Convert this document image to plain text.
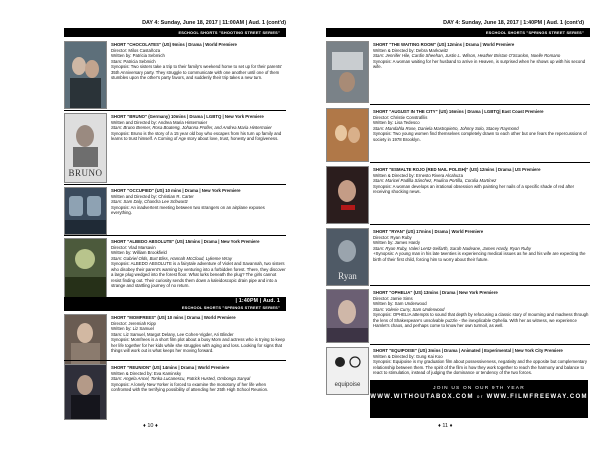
DAY 4: Sunday, June 18, 2017 | 11:00AM | Aud. 1 (cont'd)
ESCHOOL SHORTS "SHOOTING STREET SERIES"
SHORT "CHOCOLATES" (US) 9mins | Drama | World Premiere
Director: Milos Castañoza
Written by: Patricia Sebmich
Stars: Patricia Sebmich
Synopsis: Two sisters take a trip to their family's weekend home to set up for their parents' 35th Anniversary party. They struggle to communicate with one another until one of them stumbles upon the other's party favors, and suddenly their trip takes a new turn.
BRUNO
SHORT "BRUNO" (Germany) 10mins | Drama | LGBTQ | New York Premiere
Written and Directed by: Andrea Maria Hintermaier
Stars: Bruno Bremer, Rosa Boateng, Johanna Profler, and Andrea Maria Hintermaier
Synopsis: Bruno is the story of a 15 year old boy who escapes from his turn up family and learns to trust himself. A Coming of Age story about love, trust, honesty and forgiveness.
SHORT "OCCUPIED" (US) 10 mins | Drama | New York Premiere
Written and Directed by: Christian R. Carter
Stars: Sam Daly, Chandra Lee Schwartz
Synopsis: An inadvertent meeting between two strangers on an airplane exposes everything.
SHORT "ALBEDO ABSOLUTE" (US) 15mins | Drama | New York Premiere
Director: Vlad Marsavin
Written by: William Brookfield
Stars: Gabriel Olds, Burt Bliss, Hannah McCloud, Lykeme Wray
Synopsis: ALBEDO ABSOLUTE is a fairytale adventure of Violet and Savannah, two sisters who disobey their parent's warning by venturing into a forbidden forest. There, they discover a large plug wedged into the forest floor. What lurks beneath the plug? The girls cannot resist finding out. Their curiosity sends them down a kaleidoscopic drain pipe and into a strange and startling journey of no return.
| 1:40PM | Aud. 1
ESCHOOL SHORTS "SPRINGS STREET SERIES"
SHORT "MOMFREES" (US) 10 mins | Drama | World Premiere
Director: Jeremiah Kipp
Written by: Liz Samuel
Stars: Liz Samuel, Margot Delany, Lee Cohen-Vigder, Ari Blinder
Synopsis: Momfrees is a short film plot about a busy Mom and actress who is trying to keep her life together for her kids while she struggles with aging and loss. Looking for signs that things will work out is what keeps her moving forward.
SHORT "REUNION" (US) 14mins | Drama | World Premiere
Written & Directed by: Eva Kaminsky
Stars: Angela Ancel, Tonka Lucanescu, Patrick Husted, Ombonga Sanyal
Synopsis: A lonely New Yorker is forced to examine the monotony of her life when confronted with the terrifying possibility of attending her 25th High School Reunion.
♦ 10 ♦
DAY 4: Sunday, June 18, 2017 | 1:40PM | Aud. 1 (cont'd)
ESCHOOL SHORTS "SPRINGS STREET SERIES"
SHORT "THE WAITING ROOM" (US) 12mins | Drama | World Premiere
Written & Directed by: Debra Markowitz
Stars: Jennifer Hile, Cardin Sheehan, Justin L. Wilson, Heather Bristan O'Scanlon, Noelle Romano
Synopsis: A woman waiting for her husband to arrive in Heaven, is surprised when he shows up with his second wife.
SHORT "AUGUST IN THE CITY" (US) 16mins | Drama | LGBTQ| East Coast Premiere
Director: Christie Constrafilis
Written by: Lisa Tedesco
Stars: Mandahla Rose, Daniela Mastropietro, Johnny Solo, Stacey Raymond
Synopsis: Two young women find themselves completely drawn to each other but one fears the repercussions of society in 1978 Brooklyn.
SHORT "ESMALTE ROJO (RED NAIL POLISH)" (US) 12mins | Drama | US Premiere
Written & Directed by: Ernesto Rivera Alcahuza
Stars: Maricel Padilla Sánchez, Paulina Portilla, Coralia Martínez
Synopsis: A woman develops an irrational obsession with painting her nails of a specific shade of red after receiving shocking news.
Ryan
SHORT "RYAN" (US) 17mins | Drama | World Premiere
Director: Ryan Ruby
Written by: James Hardy
Stars: Ryan Ruby, Valeri Lentz-Seifarth, Sarah Nadeane, James Hardy, Ryan Ruby
+Synopsis: A young man in his late twenties is experiencing medical issues as he and his wife are expecting the birth of their first child, forcing him to worry about their future.
SHORT "OPHELIA" (US) 13mins | Drama | New York Premiere
Director: Jamie Sims
Written by: Sam Underwood
Stars: Valerie Curry, Sam Underwood
Synopsis: OPHELIA attempts to sound that depth by refocusing a classic story of mourning and madness through the lens of Shakespeare's unsolvable puzzle - the inexplicable Ophelia. With her as witness, we experience Hamlet's chaos, and perhaps come to know her own turmoil, as well.
equipoise
SHORT "EQUIPOISE" (US) 3mins | Drama | Animated | Experimental | New York City Premiere
Written & Directed by: Gung Kai Koo
Synopsis: Equipoise is my graduation film about possessiveness, negativity and the opposite but complementary relationship between them. The spirit of the film is how they work together to reach the harmony and balance to react to stimulation, instead of judging the dominance or tendency of the two forces.
JOIN US ON OUR 9TH YEAR
WWW.WITHOUTABOX.COM or WWW.FILMFREEWAY.COM
♦ 11 ♦
